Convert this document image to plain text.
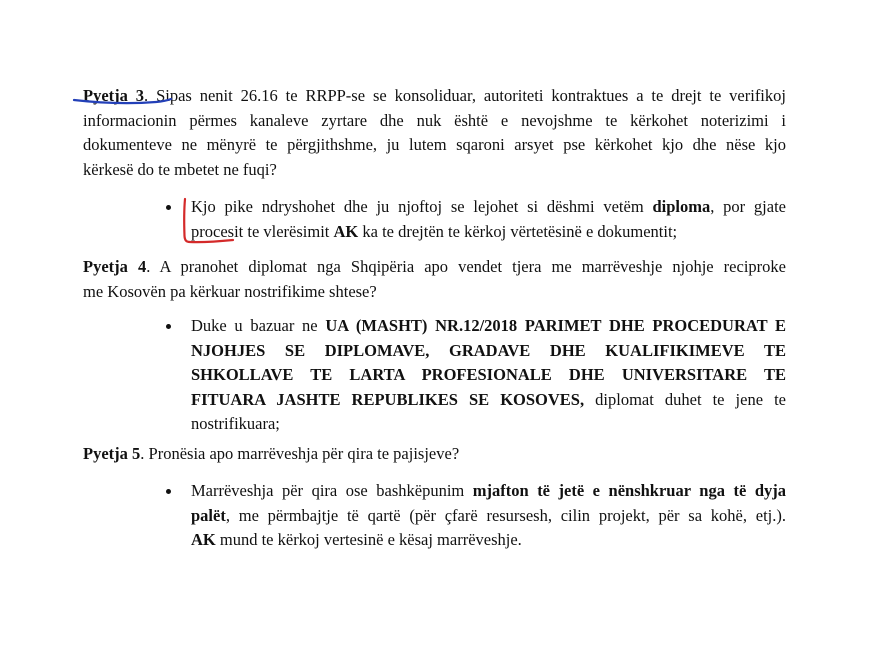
Pyetja 3. Sipas nenit 26.16 te RRPP-se se konsoliduar, autoriteti kontraktues a te drejt te verifikoj
informacionin përmes kanaleve zyrtare dhe nuk është e nevojshme te kërkohet noterizimi i
dokumenteve ne mënyrë te përgjithshme, ju lutem sqaroni arsyet pse kërkohet kjo dhe nëse kjo
kërkesë do te mbetet ne fuqi?
Kjo pike ndryshohet dhe ju njoftoj se lejohet si dëshmi vetëm diploma, por gjate
procesit te vlerësimit AK ka te drejtën te kërkoj vërtetësinë e dokumentit;
Pyetja 4. A pranohet diplomat nga Shqipëria apo vendet tjera me marrëveshje njohje reciproke
me Kosovën pa kërkuar nostrifikime shtese?
Duke u bazuar ne UA (MASHT) NR.12/2018 PARIMET DHE PROCEDURAT E
NJOHJES SE DIPLOMAVE, GRADAVE DHE KUALIFIKIMEVE TE
SHKOLLAVE TE LARTA PROFESIONALE DHE UNIVERSITARE TE
FITUARA JASHTE REPUBLIKES SE KOSOVES, diplomat duhet te jene te
nostrifikuara;
Pyetja 5. Pronësia apo marrëveshja për qira te pajisjeve?
Marrëveshja për qira ose bashkëpunim mjafton të jetë e nënshkruar nga të dyja
palët, me përmbajtje të qartë (për çfarë resursesh, cilin projekt, për sa kohë, etj.).
AK mund te kërkoj vertesinë e kësaj marrëveshje.
